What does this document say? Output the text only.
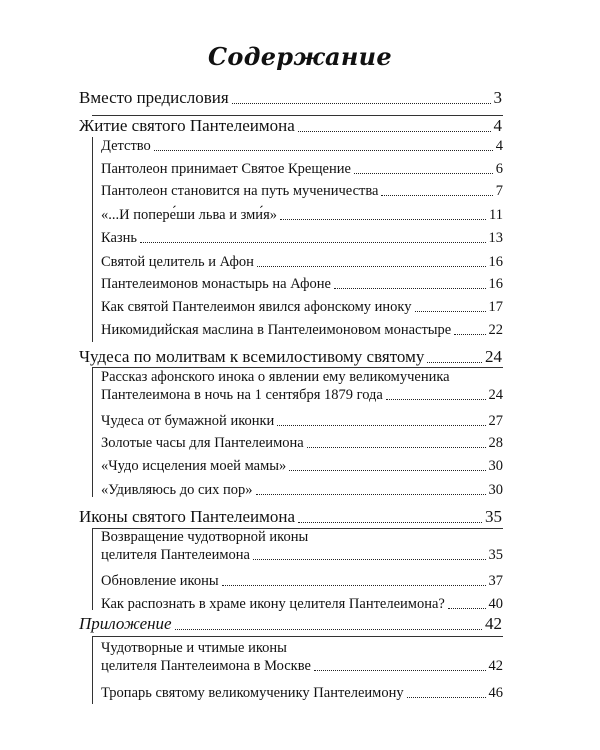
Содержание
Вместо предисловия	3
Житие святого Пантелеимона	4
Детство	4
Пантолеон принимает Святое Крещение	6
Пантолеон становится на путь мученичества	7
«...И попере́ши льва и зми́я»	11
Казнь	13
Святой целитель и Афон	16
Пантелеимонов монастырь на Афоне	16
Как святой Пантелеимон явился афонскому иноку	17
Никомидийская маслина в Пантелеимоновом монастыре	22
Чудеса по молитвам к всемилостивому святому	24
Рассказ афонского инока о явлении ему великомученика
Пантелеимона в ночь на 1 сентября 1879 года	24
Чудеса от бумажной иконки	27
Золотые часы для Пантелеимона	28
«Чудо исцеления моей мамы»	30
«Удивляюсь до сих пор»	30
Иконы святого Пантелеимона	35
Возвращение чудотворной иконы
целителя Пантелеимона	35
Обновление иконы	37
Как распознать в храме икону целителя Пантелеимона?	40
Приложение	42
Чудотворные и чтимые иконы
целителя Пантелеимона в Москве	42
Тропарь святому великомученику Пантелеимону	46
